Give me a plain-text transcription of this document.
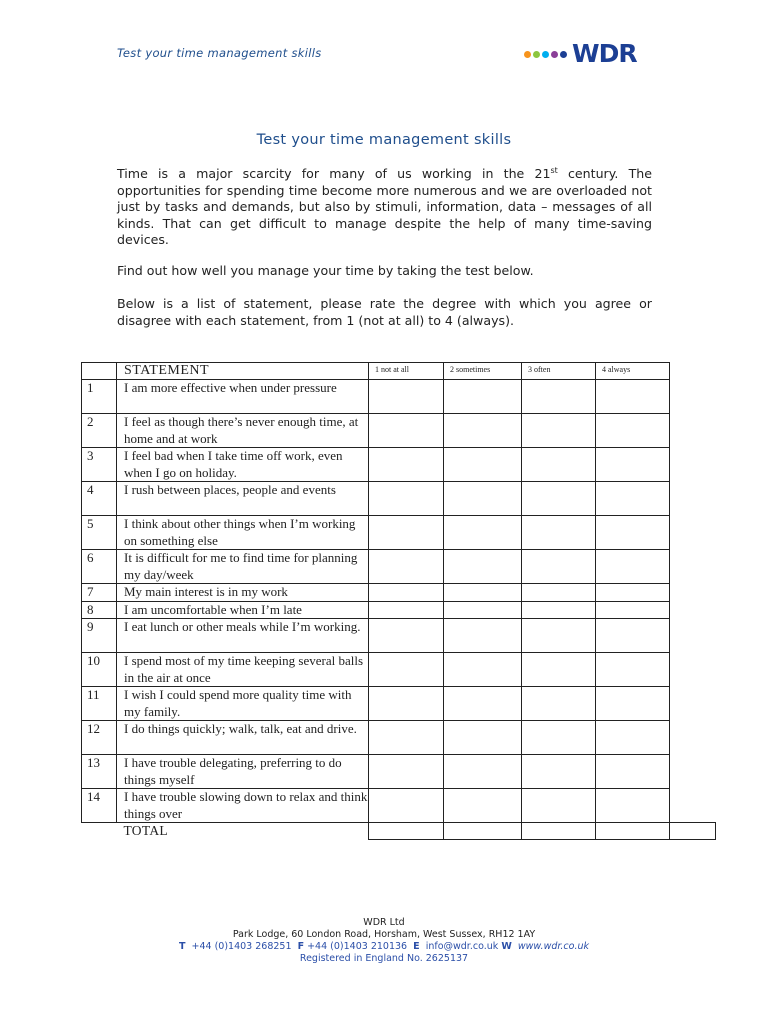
Test your time management skills	WDR
Test your time management skills
Time is a major scarcity for many of us working in the 21st century. The opportunities for spending time become more numerous and we are overloaded not just by tasks and demands, but also by stimuli, information, data – messages of all kinds. That can get difficult to manage despite the help of many time-saving devices.
Find out how well you manage your time by taking the test below.
Below is a list of statement, please rate the degree with which you agree or disagree with each statement, from 1 (not at all) to 4 (always).
	STATEMENT	1 not at all	2 sometimes	3 often	4 always	
1	I am more effective when under pressure					
2	I feel as though there’s never enough time, at home and at work					
3	I feel bad when I take time off work, even when I go on holiday.					
4	I rush between places, people and events					
5	I think about other things when I’m working on something else					
6	It is difficult for me to find time for planning my day/week					
7	My main interest is in my work					
8	I am uncomfortable when I’m late					
9	I eat lunch or other meals while I’m working.					
10	I spend most of my time keeping several balls in the air at once					
11	I wish I could spend more quality time with my family.					
12	I do things quickly; walk, talk, eat and drive.					
13	I have trouble delegating, preferring to do things myself					
14	I have trouble slowing down to relax and think things over					
	TOTAL					
WDR Ltd
Park Lodge, 60 London Road, Horsham, West Sussex, RH12 1AY
T +44 (0)1403 268251 F +44 (0)1403 210136 E info@wdr.co.uk W www.wdr.co.uk
Registered in England No. 2625137
